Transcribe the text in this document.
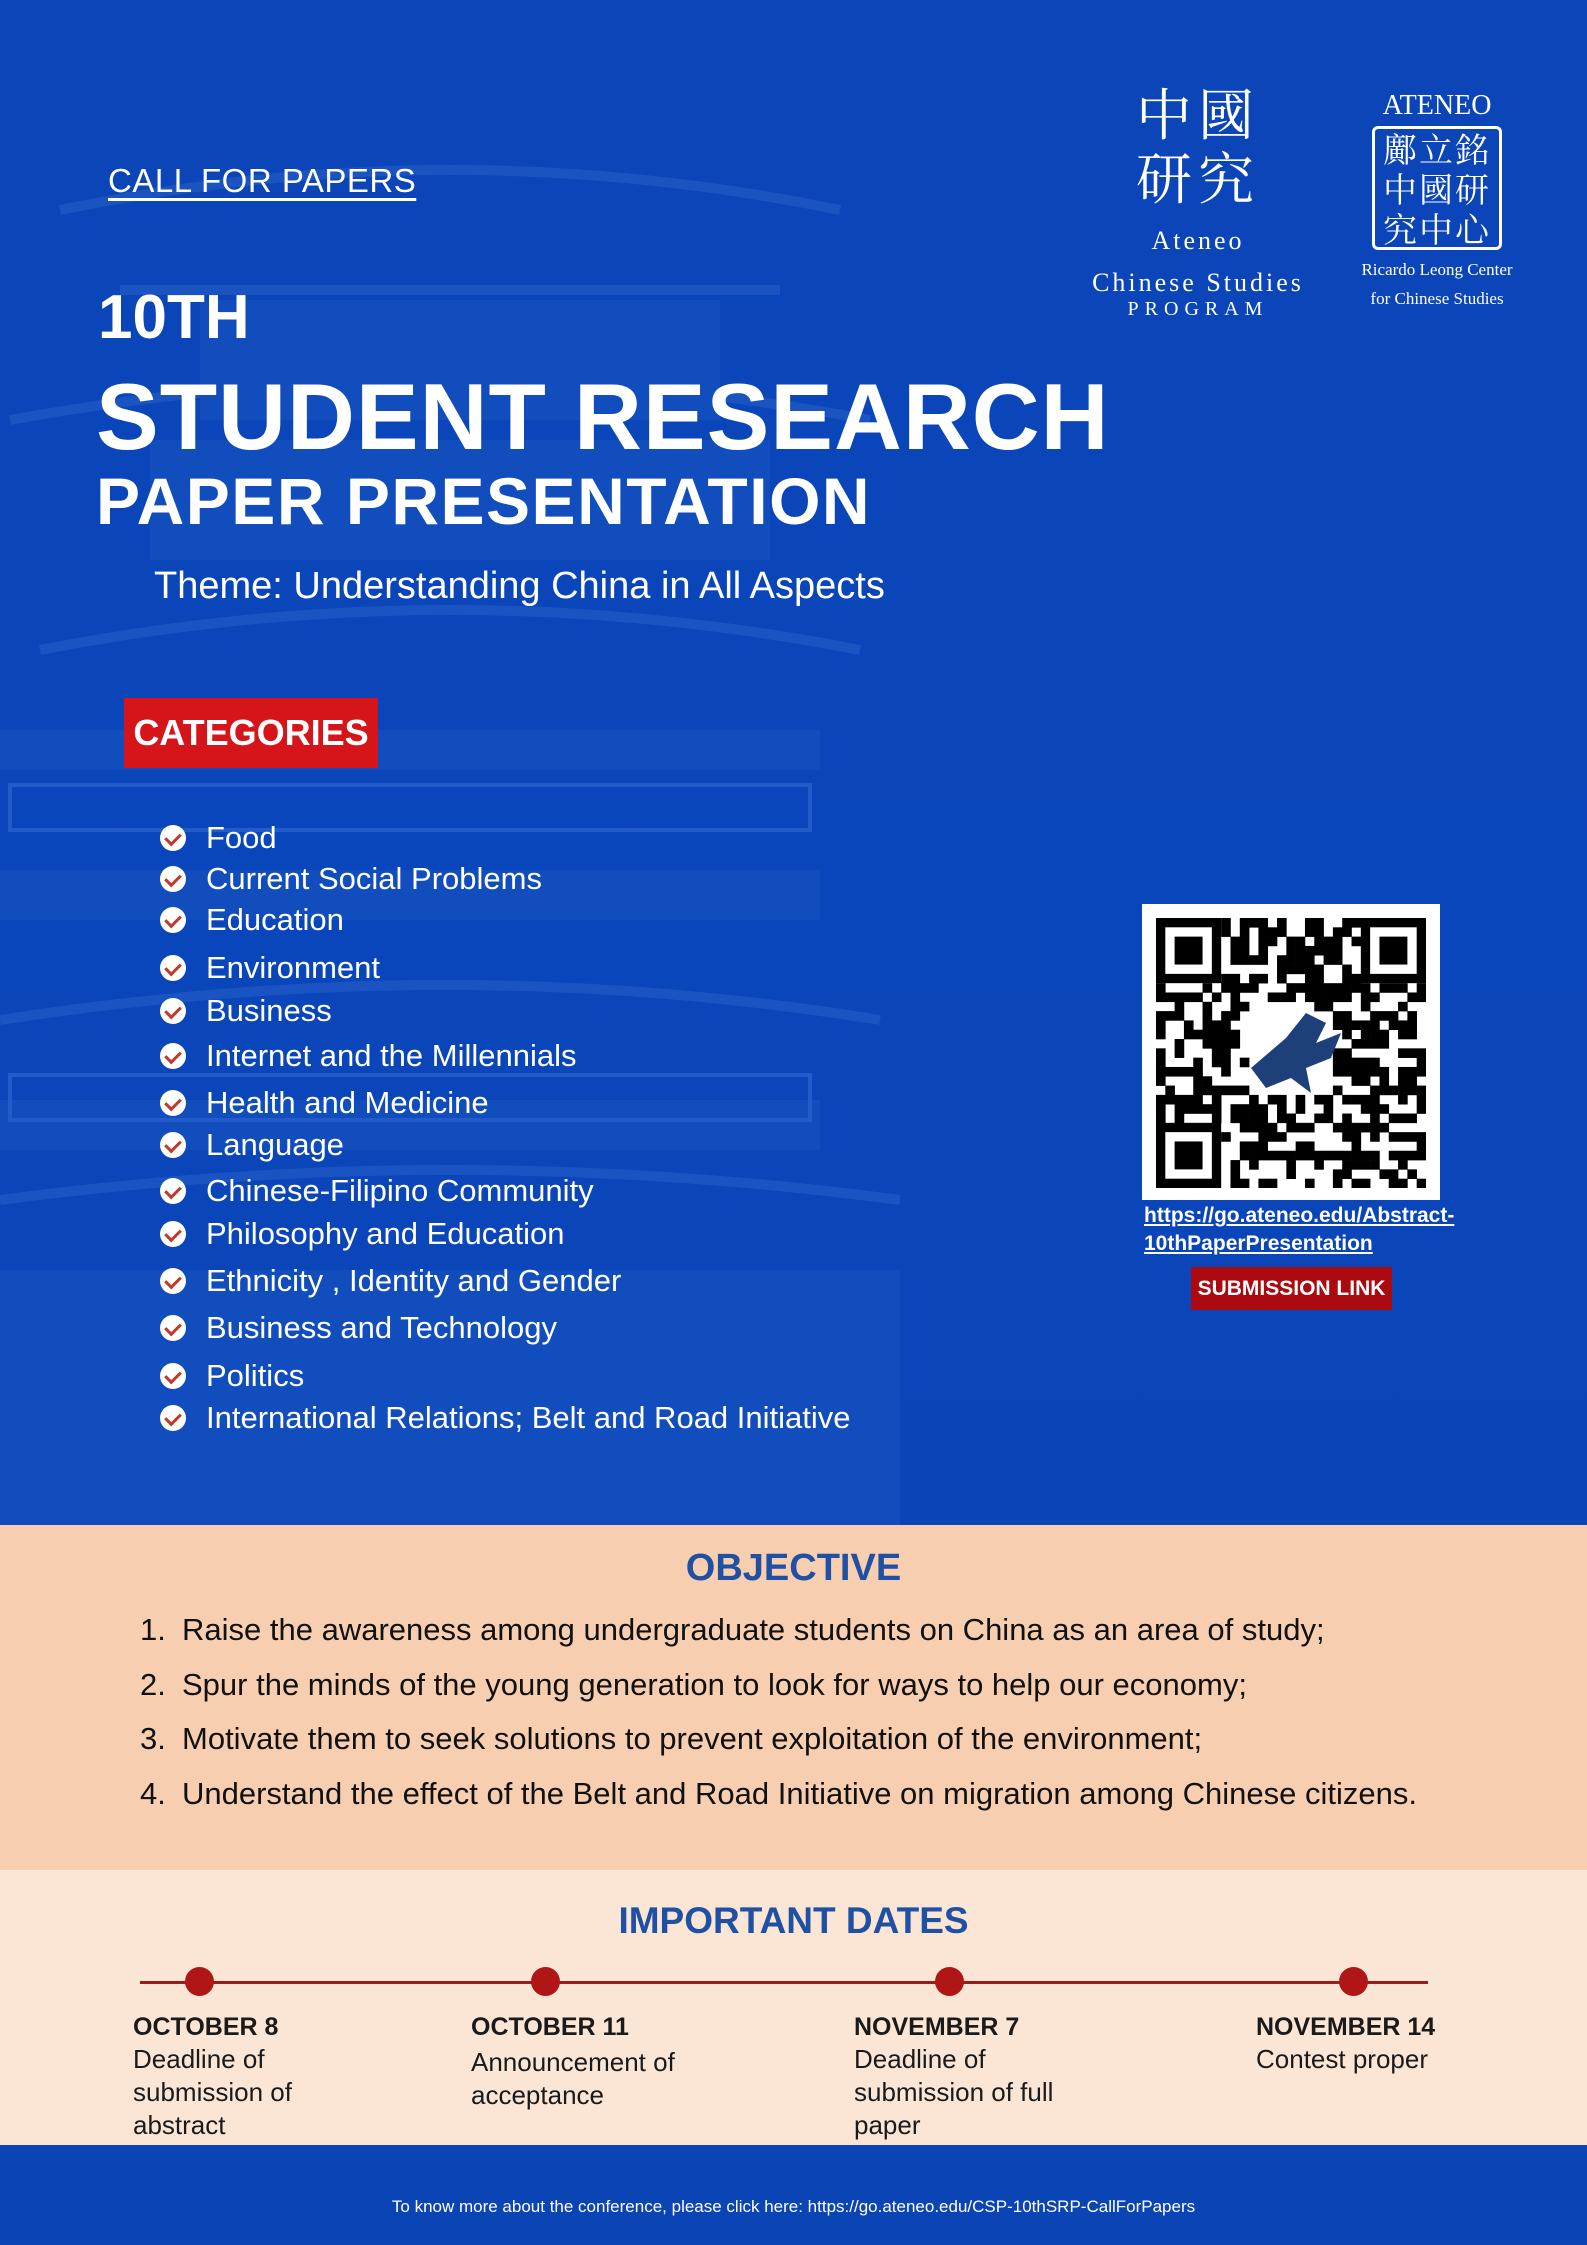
CALL FOR PAPERS
10TH
STUDENT RESEARCH
PAPER PRESENTATION
Theme: Understanding China in All Aspects
中國
研究
Ateneo
Chinese Studies
PROGRAM
ATENEO
鄺立銘
中國研
究中心
Ricardo Leong Center
for Chinese Studies
CATEGORIES
Food
Current Social Problems
Education
Environment
Business
Internet and the Millennials
Health and Medicine
Language
Chinese-Filipino Community
Philosophy and Education
Ethnicity , Identity and Gender
Business and Technology
Politics
International Relations; Belt and Road Initiative
https://go.ateneo.edu/Abstract-
10thPaperPresentation
SUBMISSION LINK
OBJECTIVE
1. Raise the awareness among undergraduate students on China as an area of study;
2. Spur the minds of the young generation to look for ways to help our economy;
3. Motivate them to seek solutions to prevent exploitation of the environment;
4. Understand the effect of the Belt and Road Initiative on migration among Chinese citizens.
IMPORTANT DATES
OCTOBER 8
Deadline of submission of abstract
OCTOBER 11
Announcement of acceptance
NOVEMBER 7
Deadline of submission of full paper
NOVEMBER 14
Contest proper
To know more about the conference, please click here: https://go.ateneo.edu/CSP-10thSRP-CallForPapers
